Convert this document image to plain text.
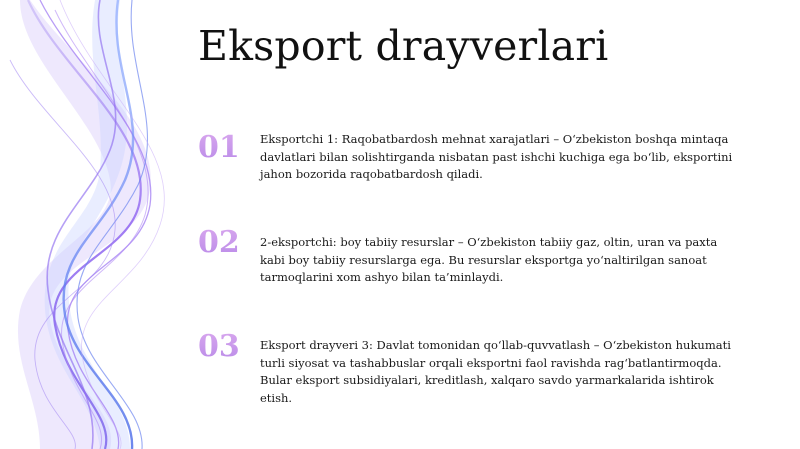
Eksport drayverlari
01 Eksportchi 1: Raqobatbardosh mehnat xarajatlari – O‘zbekiston boshqa mintaqa davlatlari bilan solishtirganda nisbatan past ishchi kuchiga ega bo‘lib, eksportini jahon bozorida raqobatbardosh qiladi.
02 2-eksportchi: boy tabiiy resurslar – O‘zbekiston tabiiy gaz, oltin, uran va paxta kabi boy tabiiy resurslarga ega. Bu resurslar eksportga yo‘naltirilgan sanoat tarmoqlarini xom ashyo bilan ta’minlaydi.
03 Eksport drayveri 3: Davlat tomonidan qo‘llab-quvvatlash – O‘zbekiston hukumati turli siyosat va tashabbuslar orqali eksportni faol ravishda rag‘batlantirmoqda. Bular eksport subsidiyalari, kreditlash, xalqaro savdo yarmarkalarida ishtirok etish.
